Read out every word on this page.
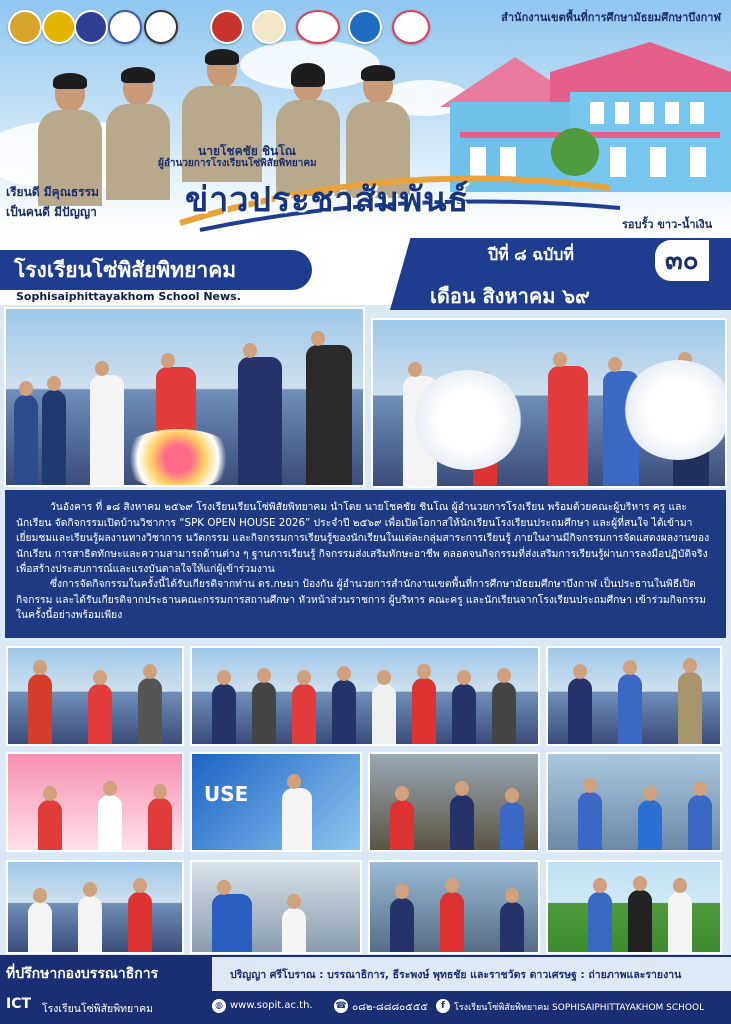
สำนักงานเขตพื้นที่การศึกษามัธยมศึกษาบึงกาฬ
นายโชคชัย ชินโณ
ผู้อำนวยการโรงเรียนโซ่พิสัยพิทยาคม
เรียนดี มีคุณธรรม
เป็นคนดี มีปัญญา	ข่าวประชาสัมพันธ์
รอบรั้ว ขาว-น้ำเงิน
โรงเรียนโซ่พิสัยพิทยาคม
Sophisaiphittayakhom School News.
ปีที่ ๘ ฉบับที่	๓๐
เดือน สิงหาคม ๖๙

วันอังคาร ที่ ๑๘ สิงหาคม ๒๕๖๙ โรงเรียนเรียนโซ่พิสัยพิทยาคม นำโดย นายโชคชัย ชินโณ ผู้อำนวยการโรงเรียน พร้อมด้วยคณะผู้บริหาร ครู และนักเรียน จัดกิจกรรมเปิดบ้านวิชาการ “SPK OPEN HOUSE 2026” ประจำปี ๒๕๖๙ เพื่อเปิดโอกาสให้นักเรียนโรงเรียนประถมศึกษา และผู้ที่สนใจ ได้เข้ามาเยี่ยมชมและเรียนรู้ผลงานทางวิชาการ นวัตกรรม และกิจกรรมการเรียนรู้ของนักเรียนในแต่ละกลุ่มสาระการเรียนรู้ ภายในงานมีกิจกรรมการจัดแสดงผลงานของนักเรียน การสาธิตทักษะและความสามารถด้านต่าง ๆ ฐานการเรียนรู้ กิจกรรมส่งเสริมทักษะอาชีพ ตลอดจนกิจกรรมที่ส่งเสริมการเรียนรู้ผ่านการลงมือปฏิบัติจริง เพื่อสร้างประสบการณ์และแรงบันดาลใจให้แก่ผู้เข้าร่วมงาน

ซึ่งการจัดกิจกรรมในครั้งนี้ได้รับเกียรติจากท่าน ดร.กษมา ป้องกัน ผู้อำนวยการสำนักงานเขตพื้นที่การศึกษามัธยมศึกษาบึงกาฬ เป็นประธานในพิธีเปิดกิจกรรม และได้รับเกียรติจากประธานคณะกรรมการสถานศึกษา หัวหน้าส่วนราชการ ผู้บริหาร คณะครู และนักเรียนจากโรงเรียนประถมศึกษา เข้าร่วมกิจกรรมในครั้งนี้อย่างพร้อมเพียง

USE
ที่ปรึกษากองบรรณาธิการ	ปริญญา ศรีโบราณ : บรรณาธิการ, ธีระพงษ์ พุทธชัย และราชวัตร ดาวเศรษฐ : ถ่ายภาพและรายงาน
ICT โรงเรียนโซ่พิสัยพิทยาคม	◍ www.sopit.ac.th.	☎ ๐๘๒-๘๘๘๐๕๕๕	f	โรงเรียนโซ่พิสัยพิทยาคม SOPHISAIPHITTAYAKHOM SCHOOL
